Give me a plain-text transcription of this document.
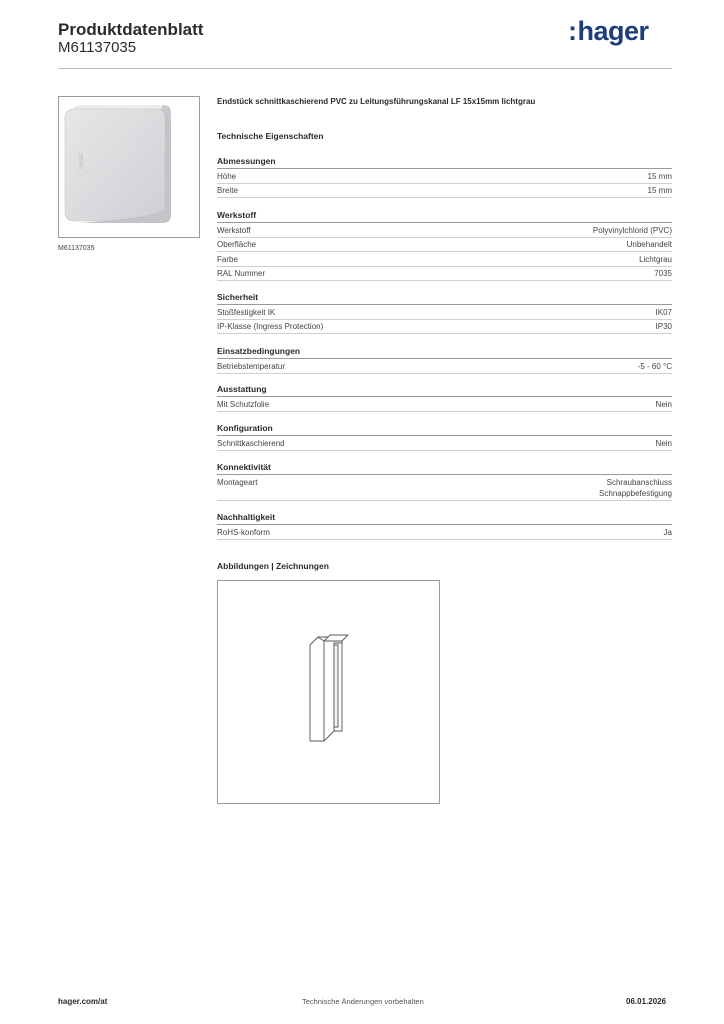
Produktdatenblatt
M61137035
:hager
tehalit
M61137035
Endstück schnittkaschierend PVC zu Leitungsführungskanal LF 15x15mm lichtgrau
Technische Eigenschaften
Abmessungen
Höhe	15 mm
Breite	15 mm
Werkstoff
Werkstoff	Polyvinylchlorid (PVC)
Oberfläche	Unbehandelt
Farbe	Lichtgrau
RAL Nummer	7035
Sicherheit
Stoßfestigkeit IK	IK07
IP-Klasse (Ingress Protection)	IP30
Einsatzbedingungen
Betriebstemperatur	-5 - 60 °C
Ausstattung
Mit Schutzfolie	Nein
Konfiguration
Schnittkaschierend	Nein
Konnektivität
Montageart	Schraubanschluss
Schnappbefestigung
Nachhaltigkeit
RoHS-konform	Ja
Abbildungen | Zeichnungen
hager.com/at	Technische Änderungen vorbehalten	06.01.2026
